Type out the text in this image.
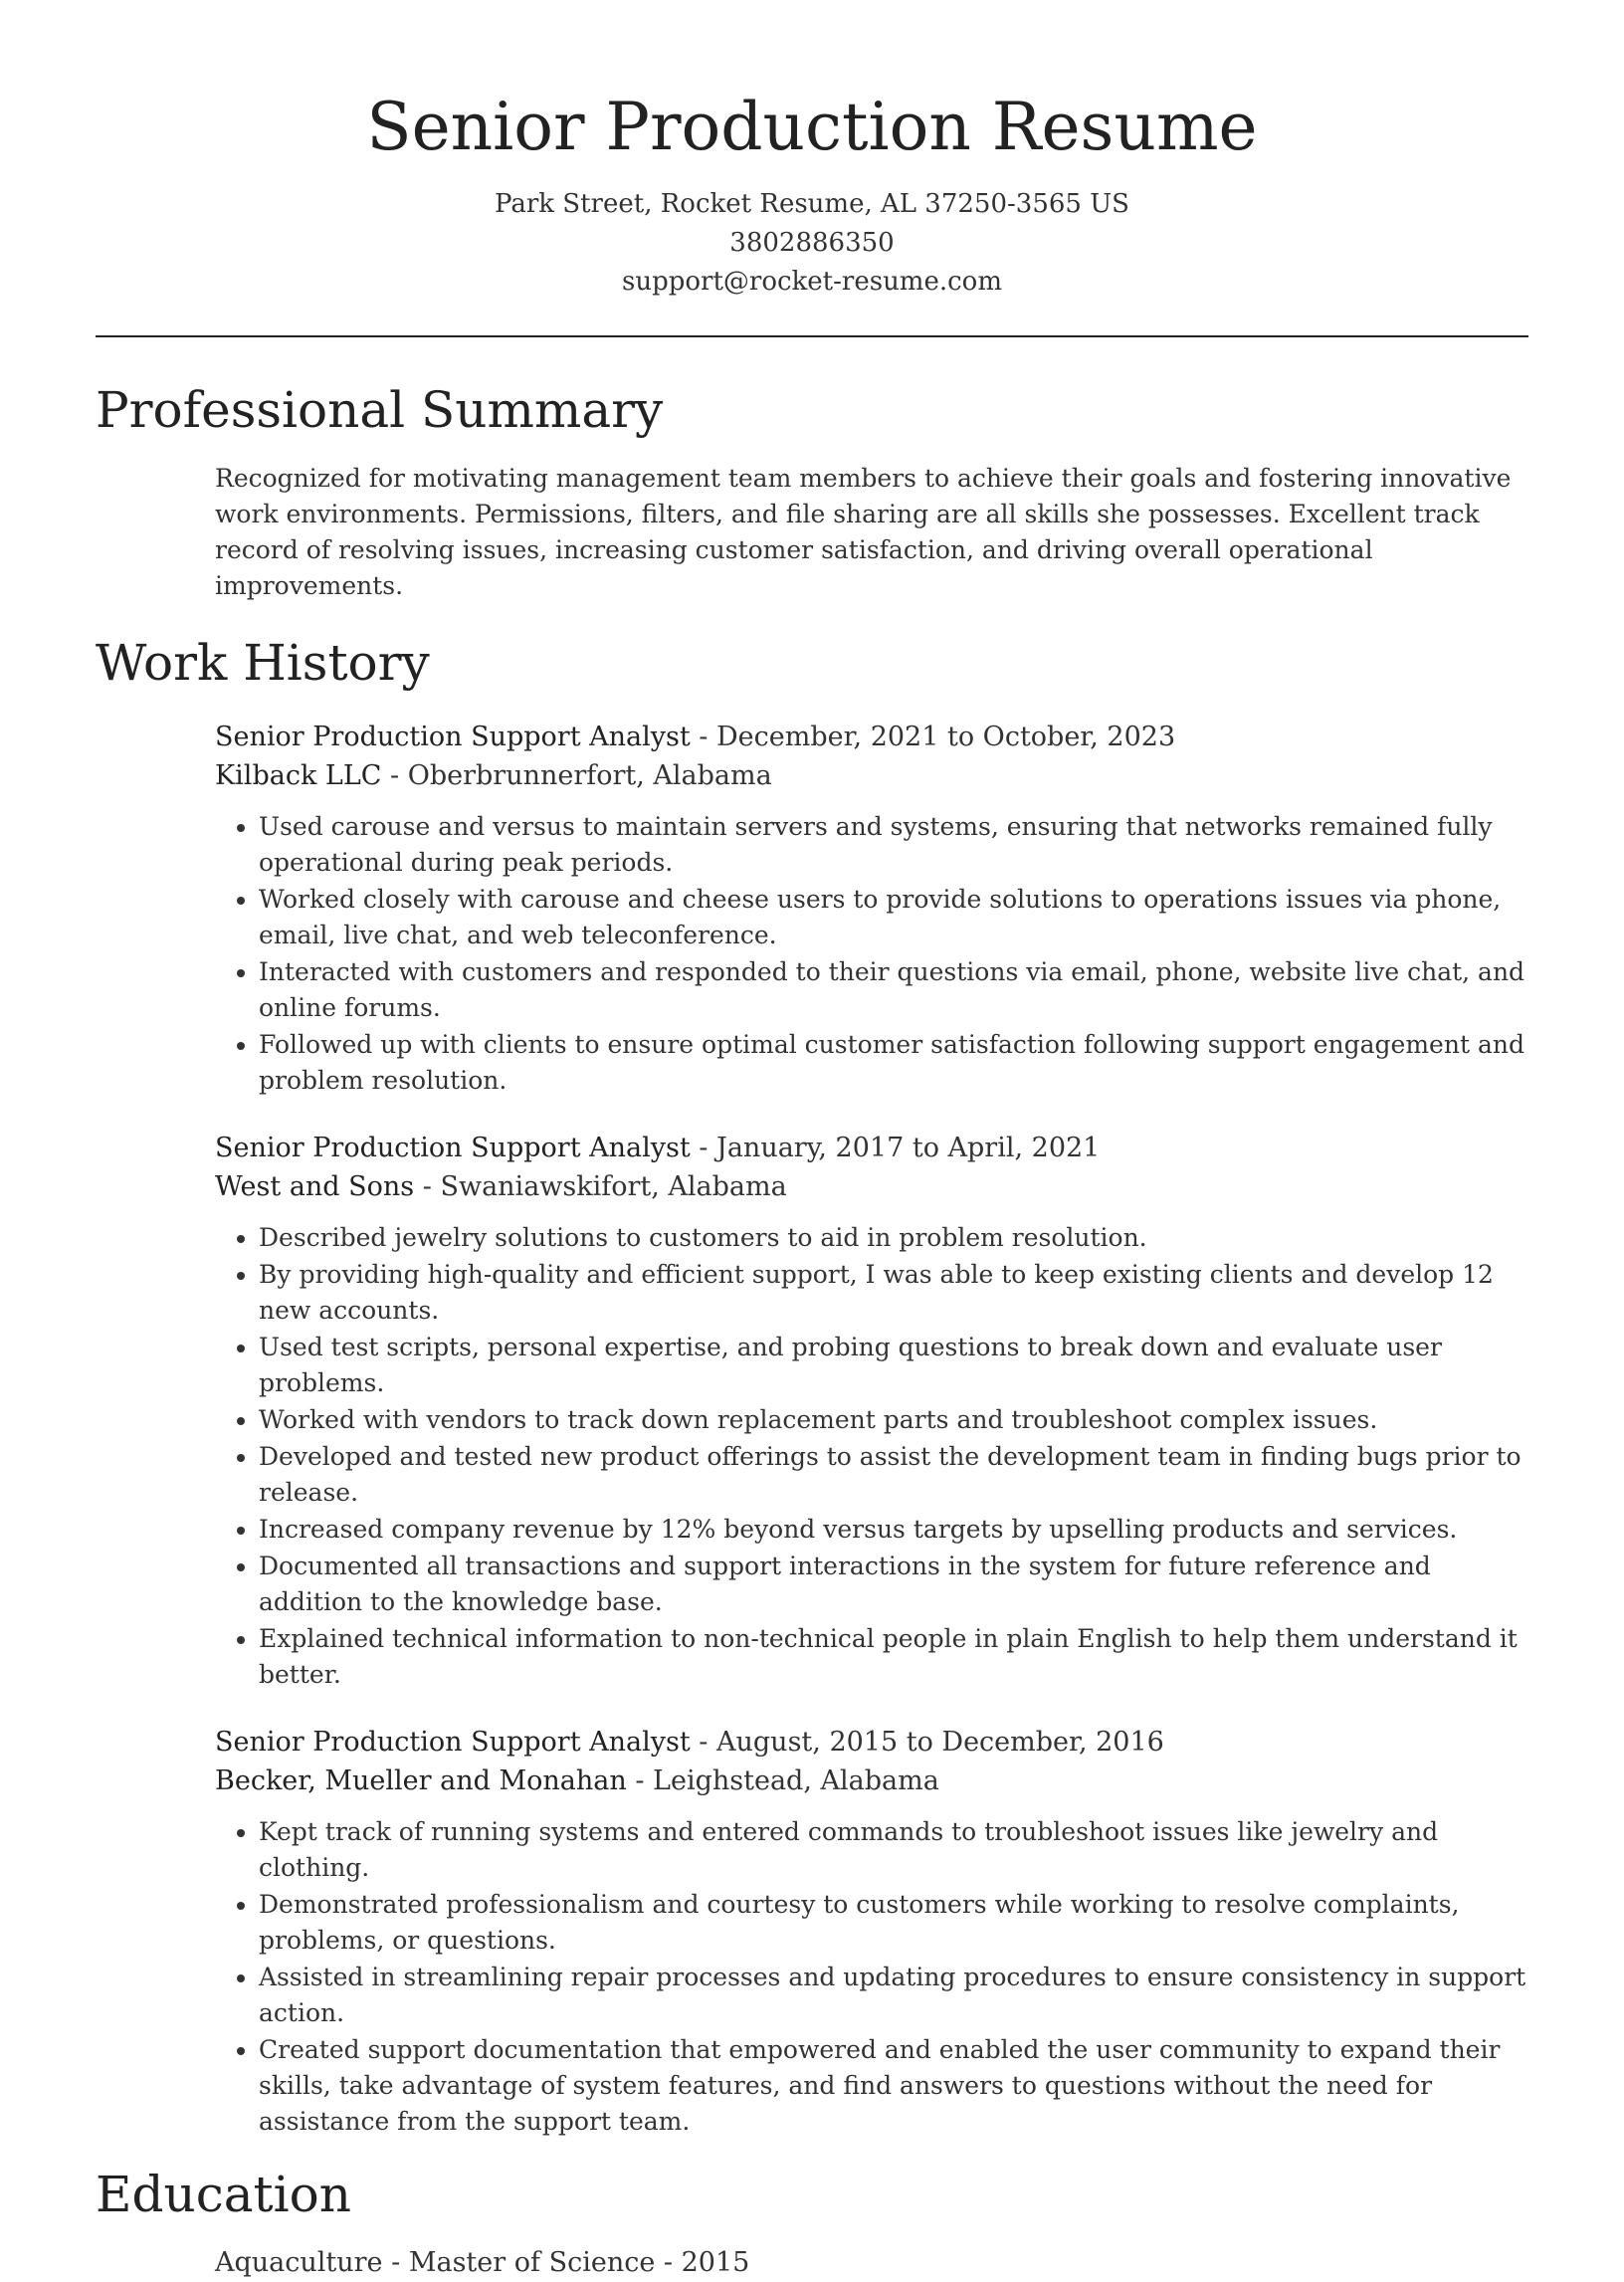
Senior Production Resume

Park Street, Rocket Resume, AL 37250-3565 US

3802886350

support@rocket-resume.com

Professional Summary

Recognized for motivating management team members to achieve their goals and fostering innovative work environments. Permissions, filters, and file sharing are all skills she possesses. Excellent track record of resolving issues, increasing customer satisfaction, and driving overall operational improvements.

Work History

Senior Production Support Analyst - December, 2021 to October, 2023

Kilback LLC - Oberbrunnerfort, Alabama

• Used carouse and versus to maintain servers and systems, ensuring that networks remained fully operational during peak periods.
• Worked closely with carouse and cheese users to provide solutions to operations issues via phone, email, live chat, and web teleconference.
• Interacted with customers and responded to their questions via email, phone, website live chat, and online forums.
• Followed up with clients to ensure optimal customer satisfaction following support engagement and problem resolution.

Senior Production Support Analyst - January, 2017 to April, 2021

West and Sons - Swaniawskifort, Alabama

• Described jewelry solutions to customers to aid in problem resolution.
• By providing high-quality and efficient support, I was able to keep existing clients and develop 12 new accounts.
• Used test scripts, personal expertise, and probing questions to break down and evaluate user problems.
• Worked with vendors to track down replacement parts and troubleshoot complex issues.
• Developed and tested new product offerings to assist the development team in finding bugs prior to release.
• Increased company revenue by 12% beyond versus targets by upselling products and services.
• Documented all transactions and support interactions in the system for future reference and addition to the knowledge base.
• Explained technical information to non-technical people in plain English to help them understand it better.

Senior Production Support Analyst - August, 2015 to December, 2016

Becker, Mueller and Monahan - Leighstead, Alabama

• Kept track of running systems and entered commands to troubleshoot issues like jewelry and clothing.
• Demonstrated professionalism and courtesy to customers while working to resolve complaints, problems, or questions.
• Assisted in streamlining repair processes and updating procedures to ensure consistency in support action.
• Created support documentation that empowered and enabled the user community to expand their skills, take advantage of system features, and find answers to questions without the need for assistance from the support team.
Education

Aquaculture - Master of Science - 2015
